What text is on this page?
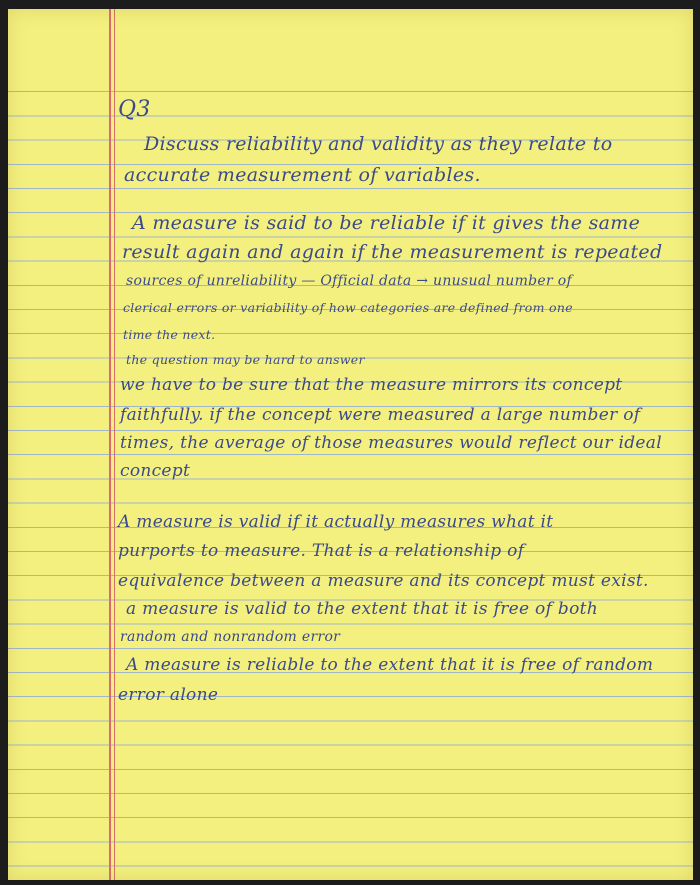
Q3
Discuss reliability and validity as they relate to
accurate measurement of variables.
A measure is said to be reliable if it gives the same
result again and again if the measurement is repeated
sources of unreliability — Official data → unusual number of
clerical errors or variability of how categories are defined from one
time the next.
the question may be hard to answer
we have to be sure that the measure mirrors its concept
faithfully. if the concept were measured a large number of
times, the average of those measures would reflect our ideal
concept
A measure is valid if it actually measures what it
purports to measure. That is a relationship of
equivalence between a measure and its concept must exist.
a measure is valid to the extent that it is free of both
random and nonrandom error
A measure is reliable to the extent that it is free of random
error alone
